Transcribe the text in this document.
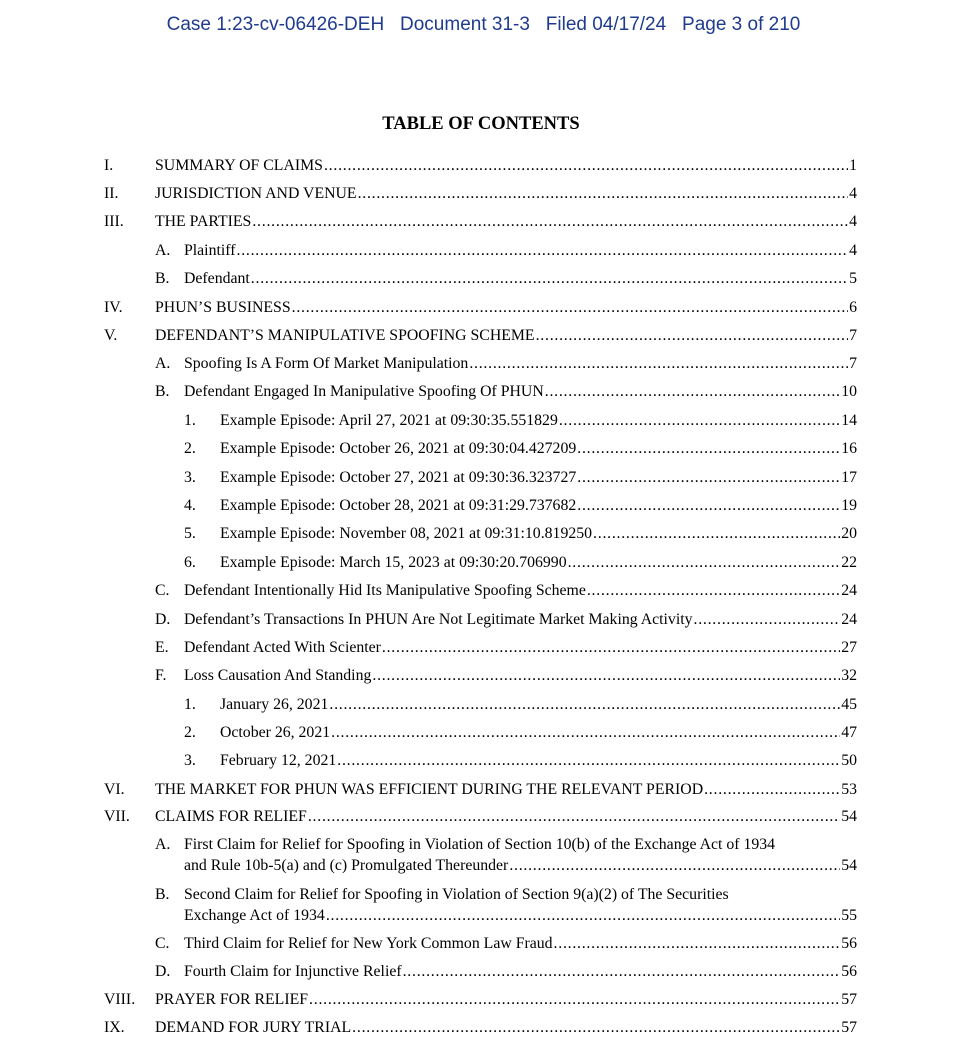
Case 1:23-cv-06426-DEH Document 31-3 Filed 04/17/24 Page 3 of 210
TABLE OF CONTENTS
I.	SUMMARY OF CLAIMS . . .	1
II. JURISDICTION AND VENUE . . .	4
III. THE PARTIES . . .	4
A. Plaintiff . . .	4
B. Defendant . . .	5
IV. PHUN’S BUSINESS . . .	6
V. DEFENDANT’S MANIPULATIVE SPOOFING SCHEME . . .	7
A. Spoofing Is A Form Of Market Manipulation . . .	7
B. Defendant Engaged In Manipulative Spoofing Of PHUN . . .	10
1. Example Episode: April 27, 2021 at 09:30:35.551829 . . .	14
2. Example Episode: October 26, 2021 at 09:30:04.427209 . . .	16
3. Example Episode: October 27, 2021 at 09:30:36.323727 . . .	17
4. Example Episode: October 28, 2021 at 09:31:29.737682 . . .	19
5. Example Episode: November 08, 2021 at 09:31:10.819250 . . .	20
6. Example Episode: March 15, 2023 at 09:30:20.706990 . . .	22
C. Defendant Intentionally Hid Its Manipulative Spoofing Scheme . . .	24
D. Defendant’s Transactions In PHUN Are Not Legitimate Market Making Activity . . .	24
E. Defendant Acted With Scienter . . .	27
F. Loss Causation And Standing . . .	32
1. January 26, 2021 . . .	45
2. October 26, 2021 . . .	47
3. February 12, 2021 . . .	50
VI. THE MARKET FOR PHUN WAS EFFICIENT DURING THE RELEVANT PERIOD . . .	53
VII. CLAIMS FOR RELIEF . . .	54
A. First Claim for Relief for Spoofing in Violation of Section 10(b) of the Exchange Act of 1934
and Rule 10b-5(a) and (c) Promulgated Thereunder . . .	54
B. Second Claim for Relief for Spoofing in Violation of Section 9(a)(2) of The Securities
Exchange Act of 1934 . . .	55
C. Third Claim for Relief for New York Common Law Fraud . . .	56
D. Fourth Claim for Injunctive Relief . . .	56
VIII. PRAYER FOR RELIEF . . .	57
IX. DEMAND FOR JURY TRIAL . . .	57
